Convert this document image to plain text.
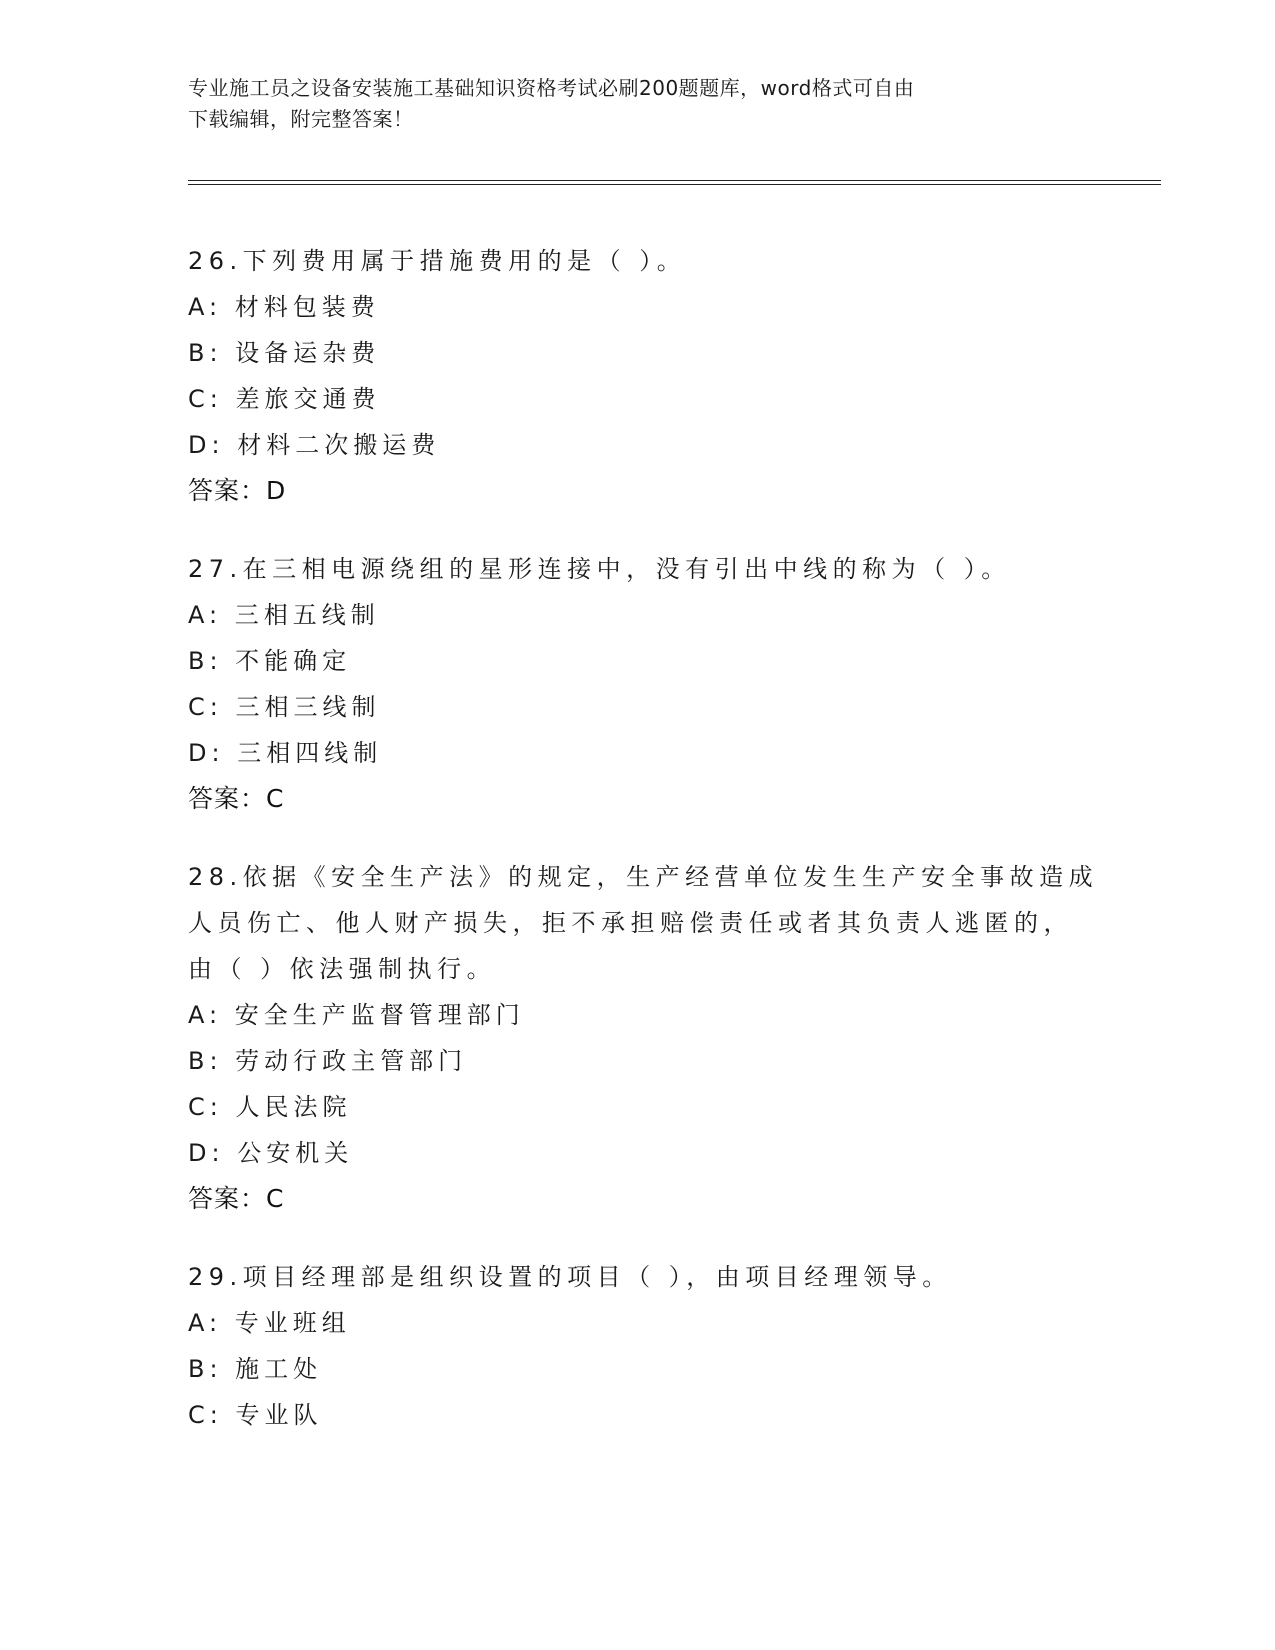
专业施工员之设备安装施工基础知识资格考试必刷200题题库，word格式可自由
下载编辑，附完整答案！
26.下列费用属于措施费用的是（ ）。
A: 材料包装费
B: 设备运杂费
C: 差旅交通费
D: 材料二次搬运费
答案：D
27.在三相电源绕组的星形连接中，没有引出中线的称为（ ）。
A: 三相五线制
B: 不能确定
C: 三相三线制
D: 三相四线制
答案：C
28.依据《安全生产法》的规定，生产经营单位发生生产安全事故造成
人员伤亡、他人财产损失，拒不承担赔偿责任或者其负责人逃匿的，
由（ ）依法强制执行。
A: 安全生产监督管理部门
B: 劳动行政主管部门
C: 人民法院
D: 公安机关
答案：C
29.项目经理部是组织设置的项目（ ），由项目经理领导。
A: 专业班组
B: 施工处
C: 专业队
